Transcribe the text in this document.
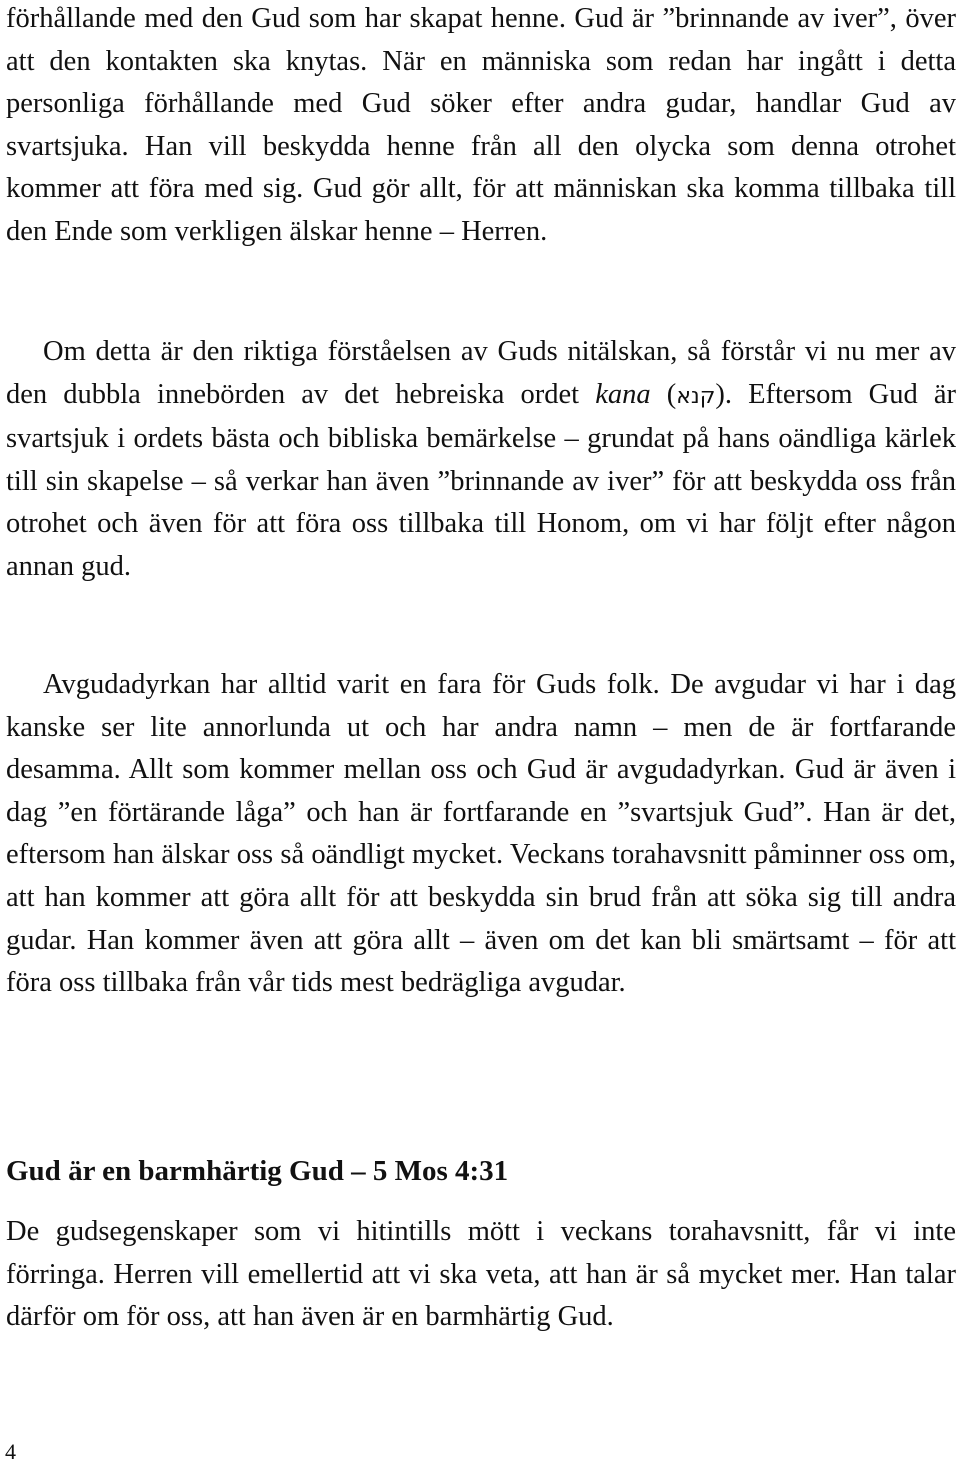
förhållande med den Gud som har skapat henne. Gud är ”brinnande av iver”, över att den kontakten ska knytas. När en människa som redan har ingått i detta personliga förhållande med Gud söker efter andra gudar, handlar Gud av svartsjuka. Han vill beskydda henne från all den olycka som denna otrohet kommer att föra med sig. Gud gör allt, för att människan ska komma tillbaka till den Ende som verkligen älskar henne – Herren.

Om detta är den riktiga förståelsen av Guds nitälskan, så förstår vi nu mer av den dubbla innebörden av det hebreiska ordet kana (קנא). Eftersom Gud är svartsjuk i ordets bästa och bibliska bemärkelse – grundat på hans oändliga kärlek till sin skapelse – så verkar han även ”brinnande av iver” för att beskydda oss från otrohet och även för att föra oss tillbaka till Honom, om vi har följt efter någon annan gud.

Avgudadyrkan har alltid varit en fara för Guds folk. De avgudar vi har i dag kanske ser lite annorlunda ut och har andra namn – men de är fortfarande desamma. Allt som kommer mellan oss och Gud är avgudadyrkan. Gud är även i dag ”en förtärande låga” och han är fortfarande en ”svartsjuk Gud”. Han är det, eftersom han älskar oss så oändligt mycket. Veckans torahavsnitt påminner oss om, att han kommer att göra allt för att beskydda sin brud från att söka sig till andra gudar. Han kommer även att göra allt – även om det kan bli smärtsamt – för att föra oss tillbaka från vår tids mest bedrägliga avgudar.

Gud är en barmhärtig Gud – 5 Mos 4:31

De gudsegenskaper som vi hitintills mött i veckans torahavsnitt, får vi inte förringa. Herren vill emellertid att vi ska veta, att han är så mycket mer. Han talar därför om för oss, att han även är en barmhärtig Gud.

4
